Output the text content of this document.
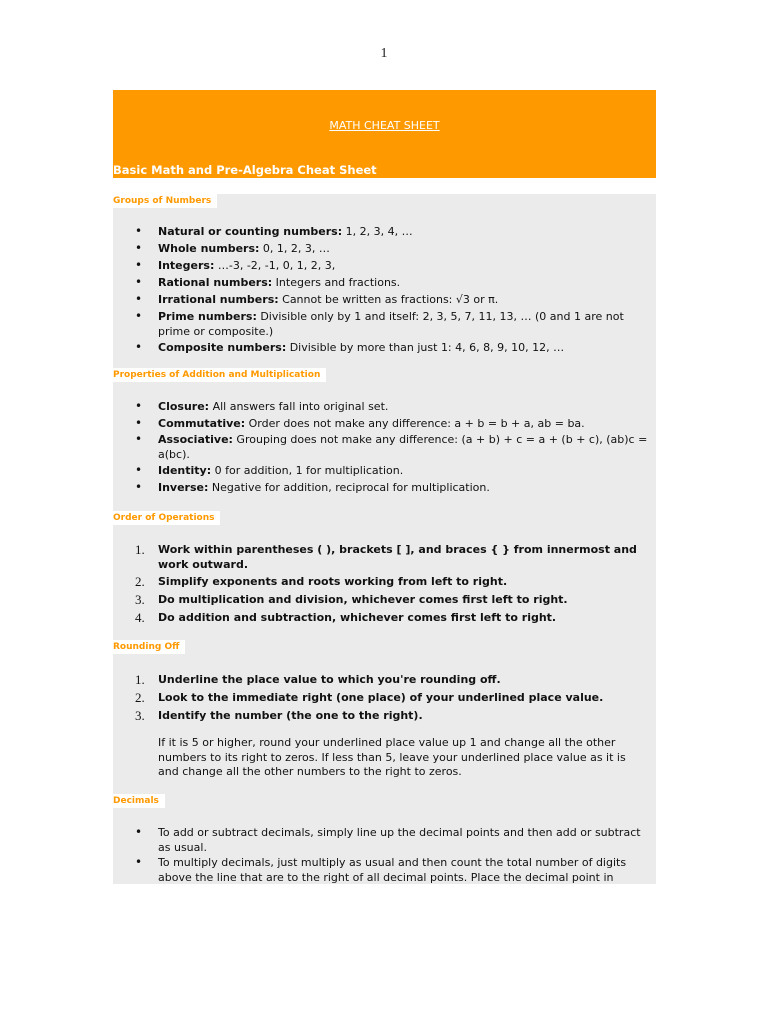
1
MATH CHEAT SHEET
Basic Math and Pre-Algebra Cheat Sheet
Groups of Numbers
• Natural or counting numbers: 1, 2, 3, 4, …
• Whole numbers: 0, 1, 2, 3, …
• Integers: …-3, -2, -1, 0, 1, 2, 3,
• Rational numbers: Integers and fractions.
• Irrational numbers: Cannot be written as fractions: √3 or π.
• Prime numbers: Divisible only by 1 and itself: 2, 3, 5, 7, 11, 13, … (0 and 1 are not prime or composite.)
• Composite numbers: Divisible by more than just 1: 4, 6, 8, 9, 10, 12, …
Properties of Addition and Multiplication
• Closure: All answers fall into original set.
• Commutative: Order does not make any difference: a + b = b + a, ab = ba.
• Associative: Grouping does not make any difference: (a + b) + c = a + (b + c), (ab)c = a(bc).
• Identity: 0 for addition, 1 for multiplication.
• Inverse: Negative for addition, reciprocal for multiplication.
Order of Operations
1. Work within parentheses ( ), brackets [ ], and braces { } from innermost and work outward.
2. Simplify exponents and roots working from left to right.
3. Do multiplication and division, whichever comes first left to right.
4. Do addition and subtraction, whichever comes first left to right.
Rounding Off
1. Underline the place value to which you're rounding off.
2. Look to the immediate right (one place) of your underlined place value.
3. Identify the number (the one to the right).
If it is 5 or higher, round your underlined place value up 1 and change all the other numbers to its right to zeros. If less than 5, leave your underlined place value as it is and change all the other numbers to the right to zeros.
Decimals
• To add or subtract decimals, simply line up the decimal points and then add or subtract as usual.
• To multiply decimals, just multiply as usual and then count the total number of digits above the line that are to the right of all decimal points. Place the decimal point in
